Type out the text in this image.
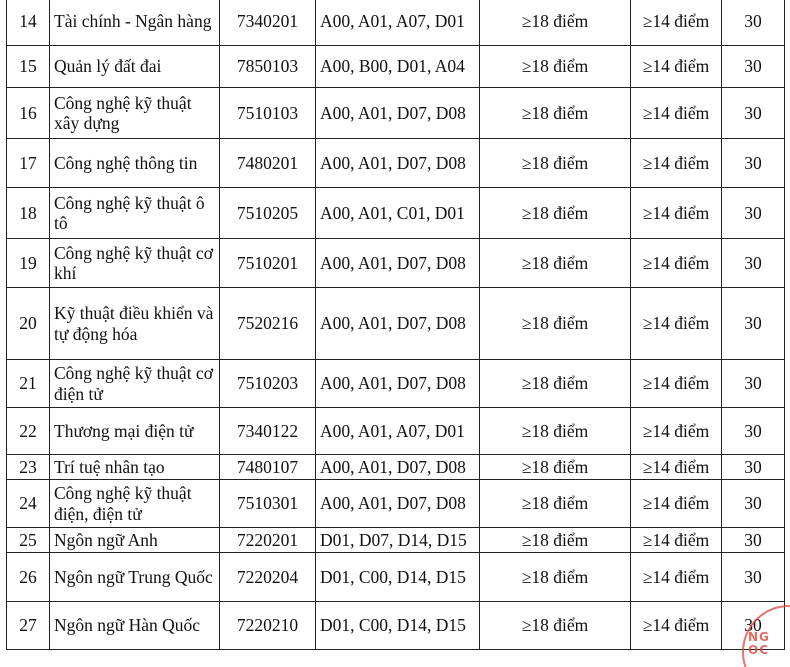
14	Tài chính - Ngân hàng	7340201	A00, A01, A07, D01	≥18 điểm	≥14 điểm	30
15	Quản lý đất đai	7850103	A00, B00, D01, A04	≥18 điểm	≥14 điểm	30
16	Công nghệ kỹ thuật xây dựng	7510103	A00, A01, D07, D08	≥18 điểm	≥14 điểm	30
17	Công nghệ thông tin	7480201	A00, A01, D07, D08	≥18 điểm	≥14 điểm	30
18	Công nghệ kỹ thuật ô tô	7510205	A00, A01, C01, D01	≥18 điểm	≥14 điểm	30
19	Công nghệ kỹ thuật cơ khí	7510201	A00, A01, D07, D08	≥18 điểm	≥14 điểm	30
20	Kỹ thuật điều khiển và tự động hóa	7520216	A00, A01, D07, D08	≥18 điểm	≥14 điểm	30
21	Công nghệ kỹ thuật cơ điện tử	7510203	A00, A01, D07, D08	≥18 điểm	≥14 điểm	30
22	Thương mại điện tử	7340122	A00, A01, A07, D01	≥18 điểm	≥14 điểm	30
23	Trí tuệ nhân tạo	7480107	A00, A01, D07, D08	≥18 điểm	≥14 điểm	30
24	Công nghệ kỹ thuật điện, điện tử	7510301	A00, A01, D07, D08	≥18 điểm	≥14 điểm	30
25	Ngôn ngữ Anh	7220201	D01, D07, D14, D15	≥18 điểm	≥14 điểm	30
26	Ngôn ngữ Trung Quốc	7220204	D01, C00, D14, D15	≥18 điểm	≥14 điểm	30
27	Ngôn ngữ Hàn Quốc	7220210	D01, C00, D14, D15	≥18 điểm	≥14 điểm	30
NG OC
